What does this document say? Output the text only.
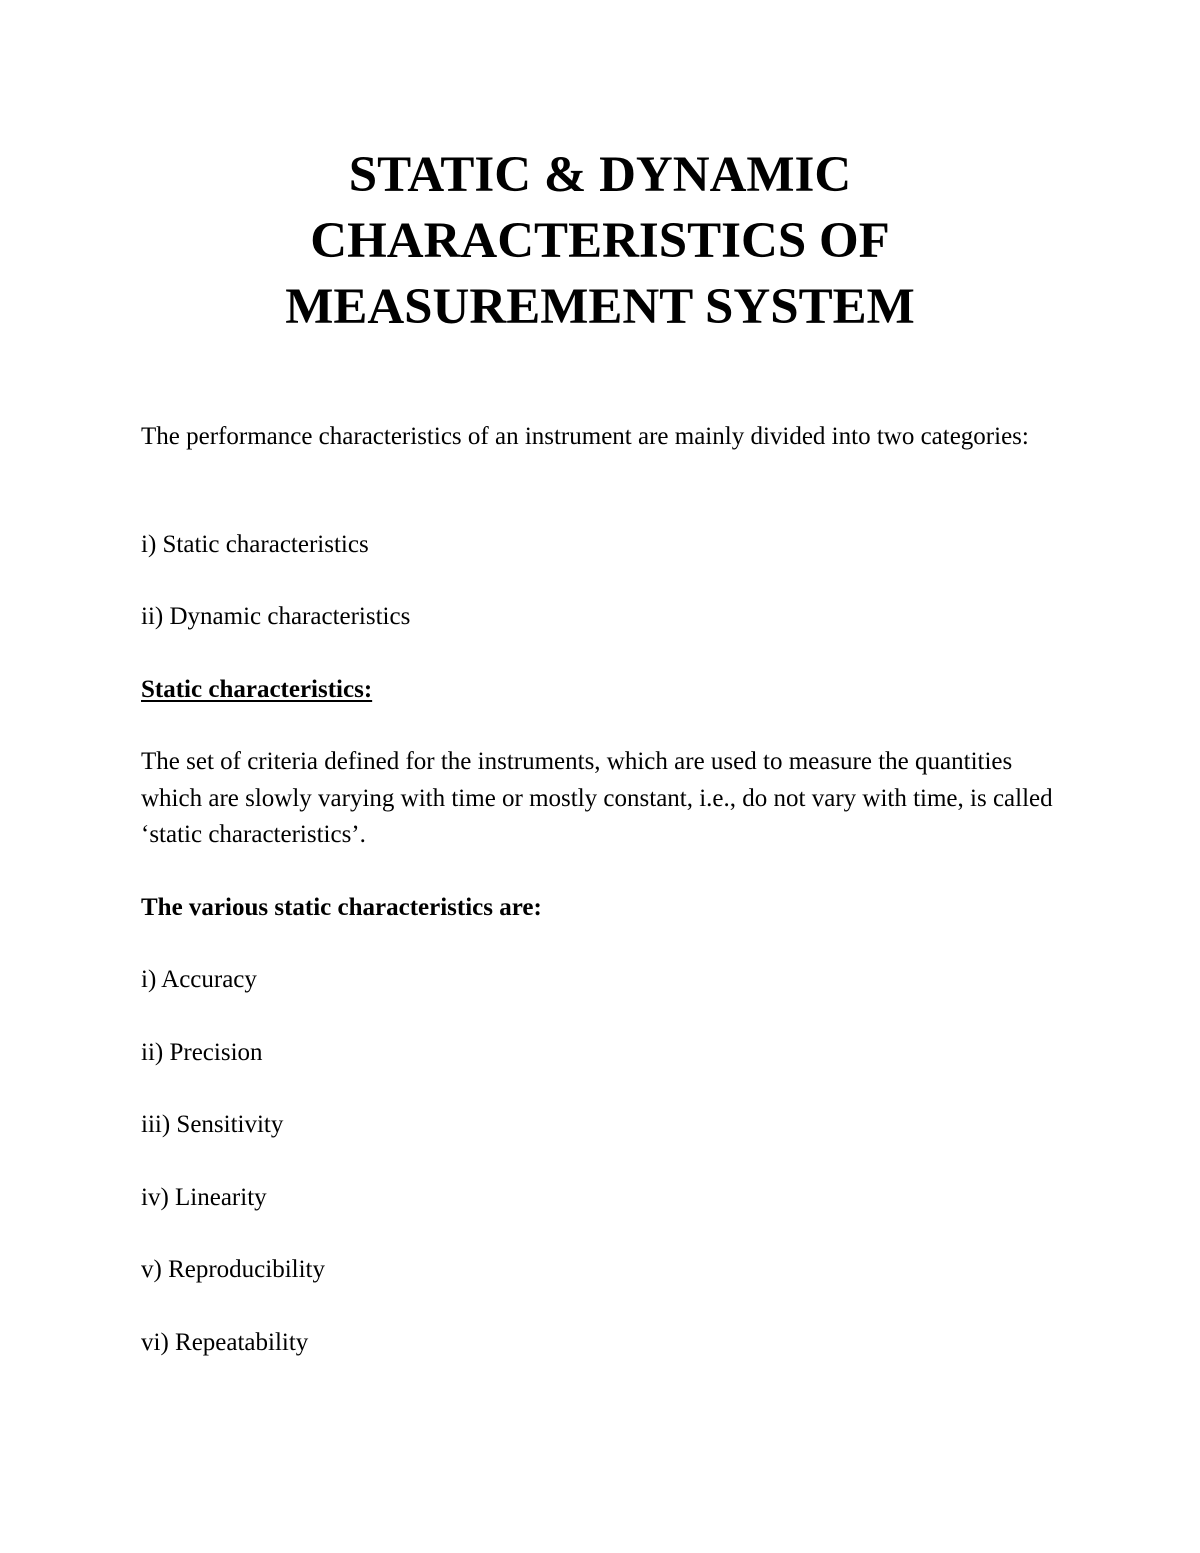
STATIC & DYNAMIC
CHARACTERISTICS OF
MEASUREMENT SYSTEM

The performance characteristics of an instrument are mainly divided into two categories:

i) Static characteristics

ii) Dynamic characteristics

Static characteristics:

The set of criteria defined for the instruments, which are used to measure the quantities which are slowly varying with time or mostly constant, i.e., do not vary with time, is called ‘static characteristics’.

The various static characteristics are:

i) Accuracy

ii) Precision

iii) Sensitivity

iv) Linearity

v) Reproducibility

vi) Repeatability
